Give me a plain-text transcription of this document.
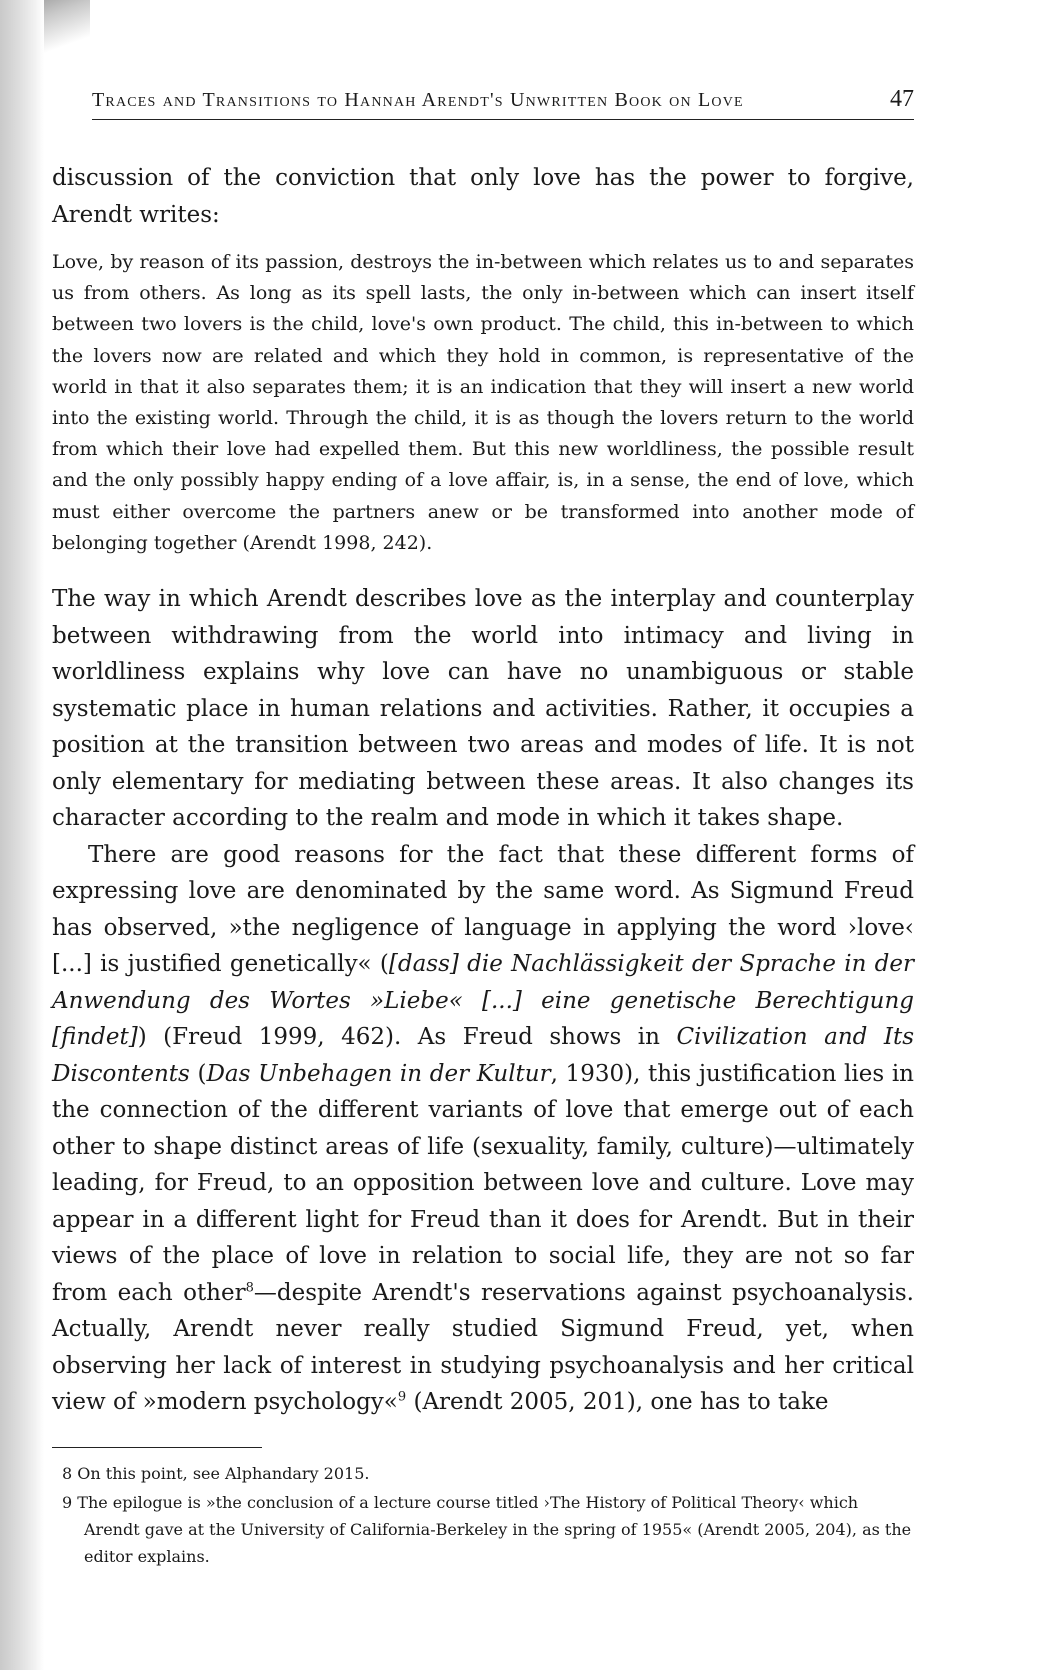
Traces and Transitions to Hannah Arendt's Unwritten Book on Love	47

discussion of the conviction that only love has the power to forgive, Arendt writes:

Love, by reason of its passion, destroys the in-between which relates us to and separates us from others. As long as its spell lasts, the only in-between which can insert itself between two lovers is the child, love's own product. The child, this in-between to which the lovers now are related and which they hold in common, is representative of the world in that it also separates them; it is an indication that they will insert a new world into the existing world. Through the child, it is as though the lovers return to the world from which their love had expelled them. But this new worldliness, the possible result and the only possibly happy ending of a love affair, is, in a sense, the end of love, which must either overcome the partners anew or be transformed into another mode of belonging together (Arendt 1998, 242).

The way in which Arendt describes love as the interplay and counterplay between withdrawing from the world into intimacy and living in worldliness explains why love can have no unambiguous or stable systematic place in human relations and activities. Rather, it occupies a position at the transition between two areas and modes of life. It is not only elementary for mediating between these areas. It also changes its character according to the realm and mode in which it takes shape.

There are good reasons for the fact that these different forms of expressing love are denominated by the same word. As Sigmund Freud has observed, »the negligence of language in applying the word ›love‹ [...] is justified genetically« ([dass] die Nachlässigkeit der Sprache in der Anwendung des Wortes »Liebe« [...] eine genetische Berechtigung [findet]) (Freud 1999, 462). As Freud shows in Civilization and Its Discontents (Das Unbehagen in der Kultur, 1930), this justification lies in the connection of the different variants of love that emerge out of each other to shape distinct areas of life (sexuality, family, culture)—ultimately leading, for Freud, to an opposition between love and culture. Love may appear in a different light for Freud than it does for Arendt. But in their views of the place of love in relation to social life, they are not so far from each other$^8$—despite Arendt's reservations against psychoanalysis. Actually, Arendt never really studied Sigmund Freud, yet, when observing her lack of interest in studying psychoanalysis and her critical view of »modern psychology«$^9$ (Arendt 2005, 201), one has to take

8 On this point, see Alphandary 2015.

9 The epilogue is »the conclusion of a lecture course titled ›The History of Political Theory‹ which Arendt gave at the University of California-Berkeley in the spring of 1955« (Arendt 2005, 204), as the editor explains.
